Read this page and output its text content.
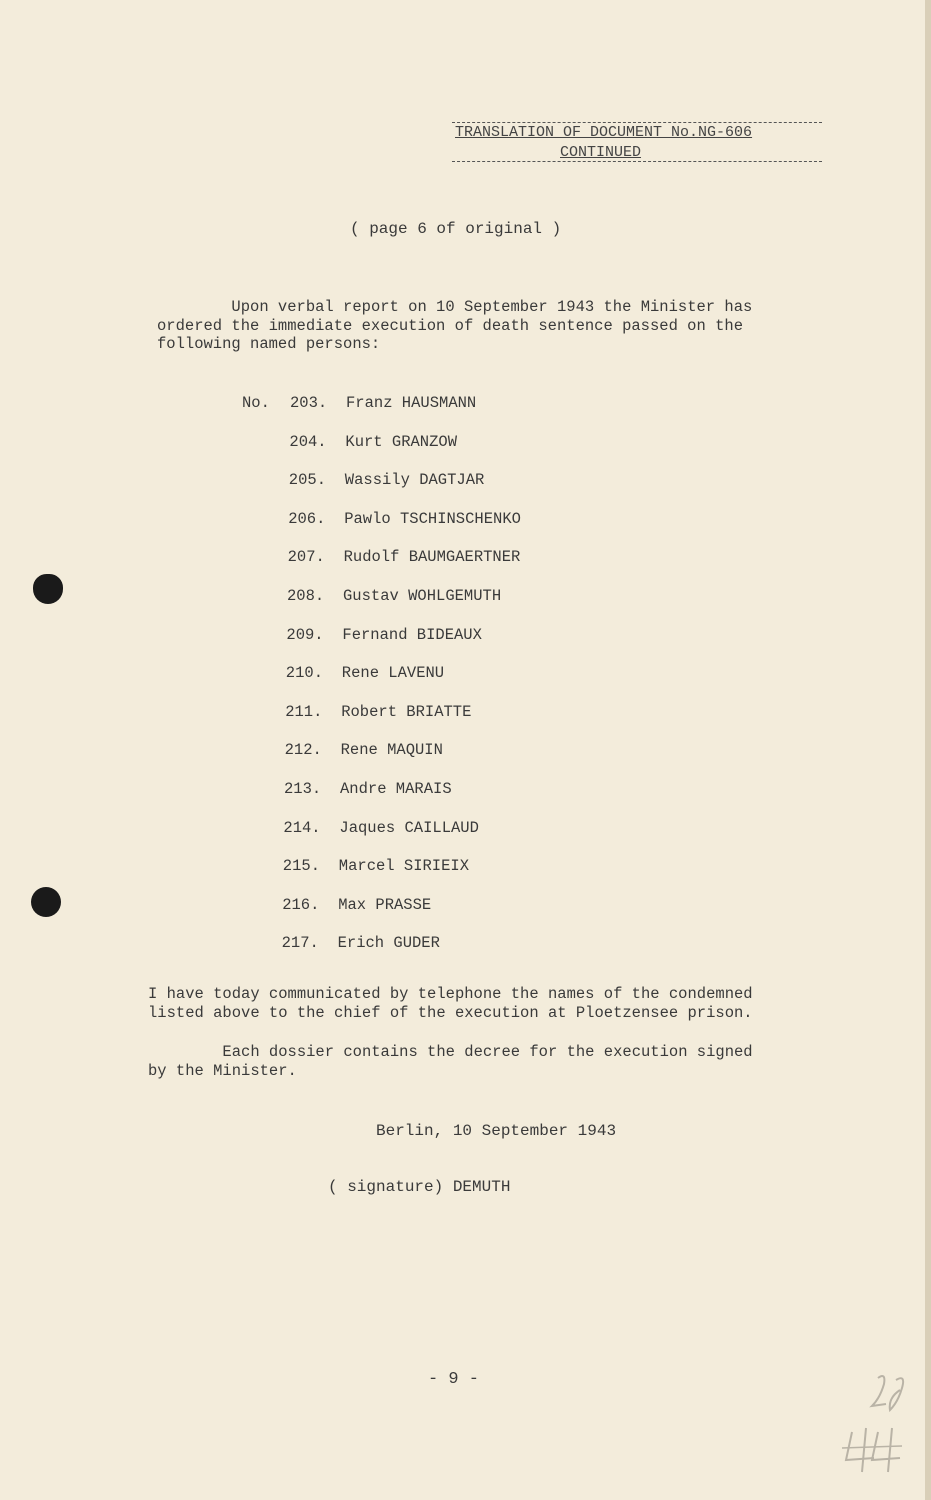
TRANSLATION OF DOCUMENT No.NG-606
CONTINUED
( page 6 of original )
Upon verbal report on 10 September 1943 the Minister has
ordered the immediate execution of death sentence passed on the
following named persons:
No. 203. Franz HAUSMANN
204. Kurt GRANZOW
205. Wassily DAGTJAR
206. Pawlo TSCHINSCHENKO
207. Rudolf BAUMGAERTNER
208. Gustav WOHLGEMUTH
209. Fernand BIDEAUX
210. Rene LAVENU
211. Robert BRIATTE
212. Rene MAQUIN
213. Andre MARAIS
214. Jaques CAILLAUD
215. Marcel SIRIEIX
216. Max PRASSE
217. Erich GUDER
I have today communicated by telephone the names of the condemned
listed above to the chief of the execution at Ploetzensee prison.
Each dossier contains the decree for the execution signed
by the Minister.
Berlin, 10 September 1943
( signature) DEMUTH
- 9 -
